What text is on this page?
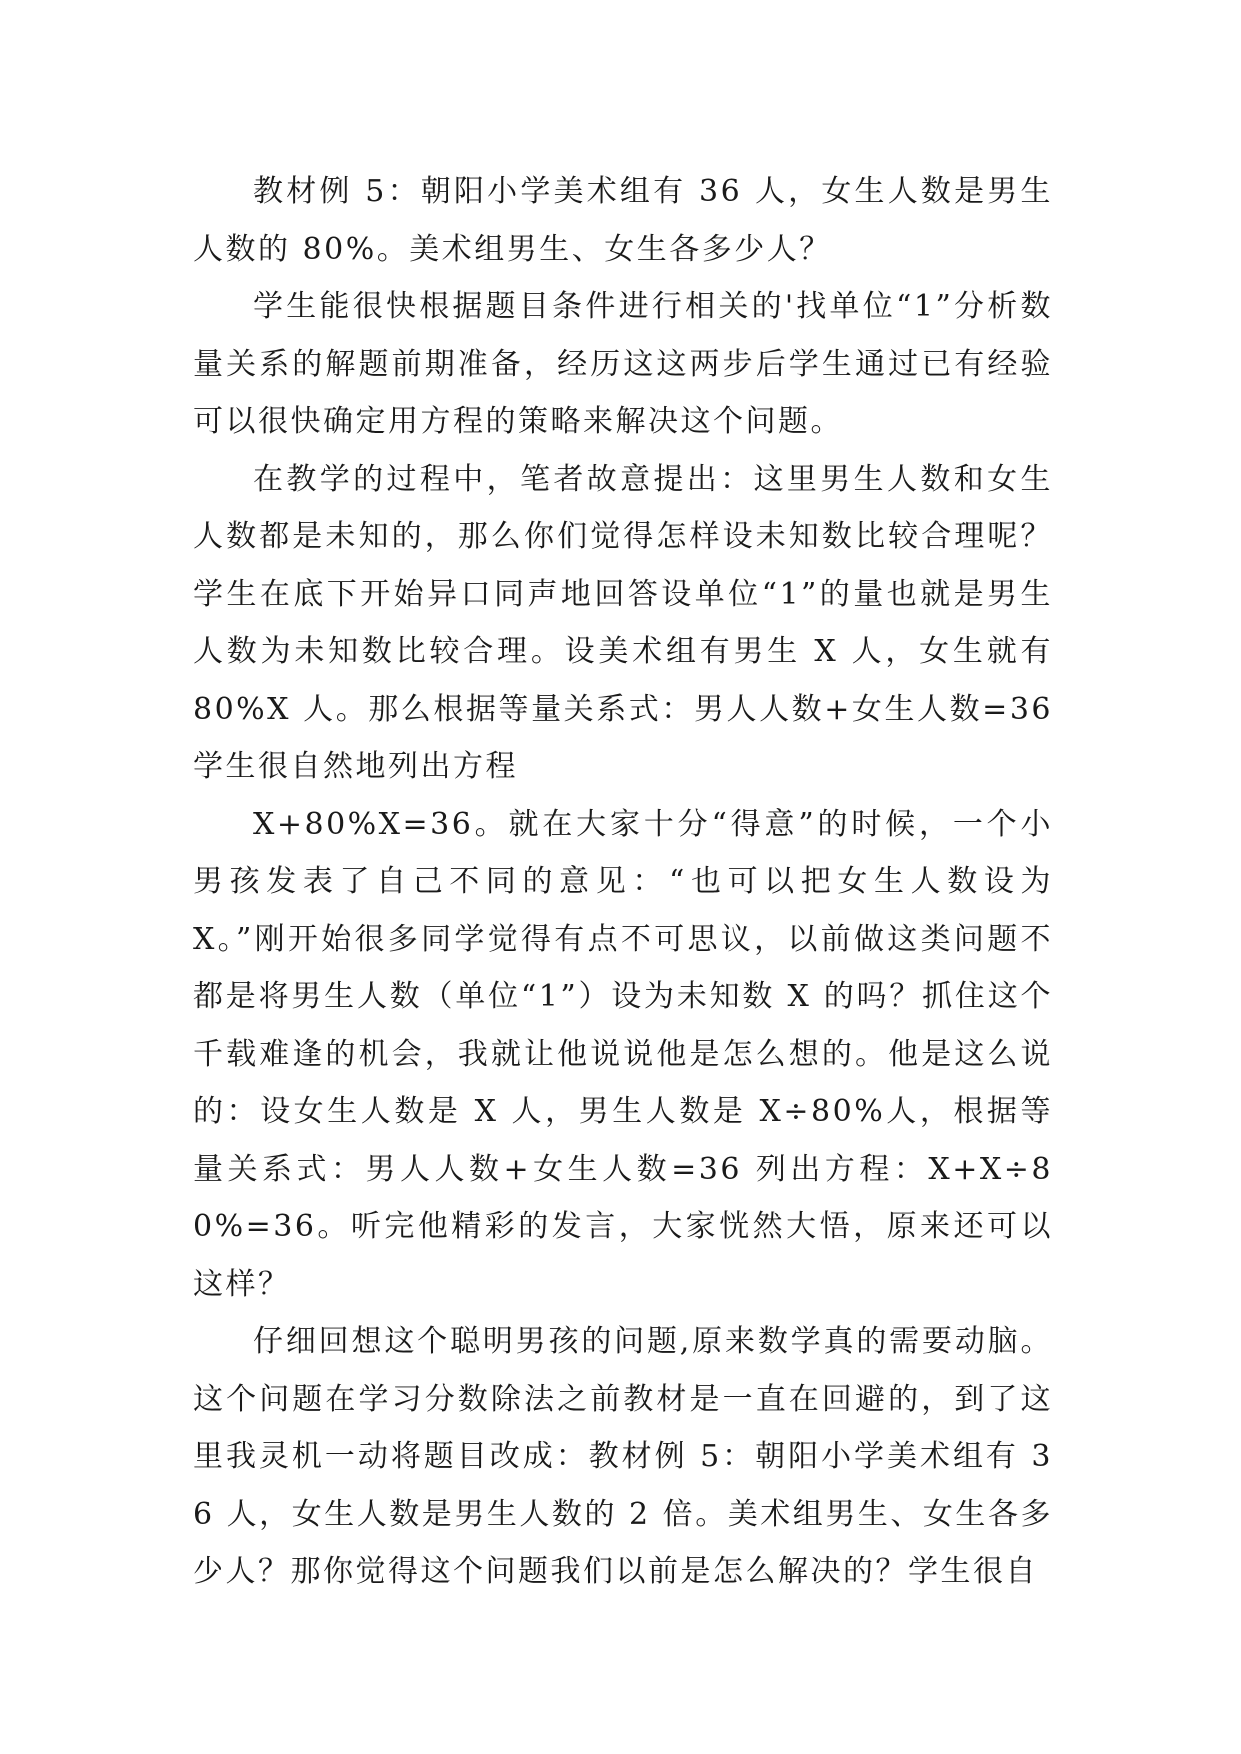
教材例 5：朝阳小学美术组有 36 人，女生人数是男生人数的 80%。美术组男生、女生各多少人？

学生能很快根据题目条件进行相关的'找单位“1”分析数量关系的解题前期准备，经历这这两步后学生通过已有经验可以很快确定用方程的策略来解决这个问题。

在教学的过程中，笔者故意提出：这里男生人数和女生人数都是未知的，那么你们觉得怎样设未知数比较合理呢？学生在底下开始异口同声地回答设单位“1”的量也就是男生人数为未知数比较合理。设美术组有男生 X 人，女生就有 80%X 人。那么根据等量关系式：男人人数+女生人数=36 学生很自然地列出方程

X+80%X=36。就在大家十分“得意”的时候，一个小男孩发表了自己不同的意见：“也可以把女生人数设为 X。”刚开始很多同学觉得有点不可思议，以前做这类问题不都是将男生人数（单位“1”）设为未知数 X 的吗？抓住这个千载难逢的机会，我就让他说说他是怎么想的。他是这么说的：设女生人数是 X 人，男生人数是 X÷80%人，根据等量关系式：男人人数+女生人数=36 列出方程：X+X÷80%=36。听完他精彩的发言，大家恍然大悟，原来还可以这样？

仔细回想这个聪明男孩的问题,原来数学真的需要动脑。这个问题在学习分数除法之前教材是一直在回避的，到了这里我灵机一动将题目改成：教材例 5：朝阳小学美术组有 36 人，女生人数是男生人数的 2 倍。美术组男生、女生各多少人？那你觉得这个问题我们以前是怎么解决的？学生很自
